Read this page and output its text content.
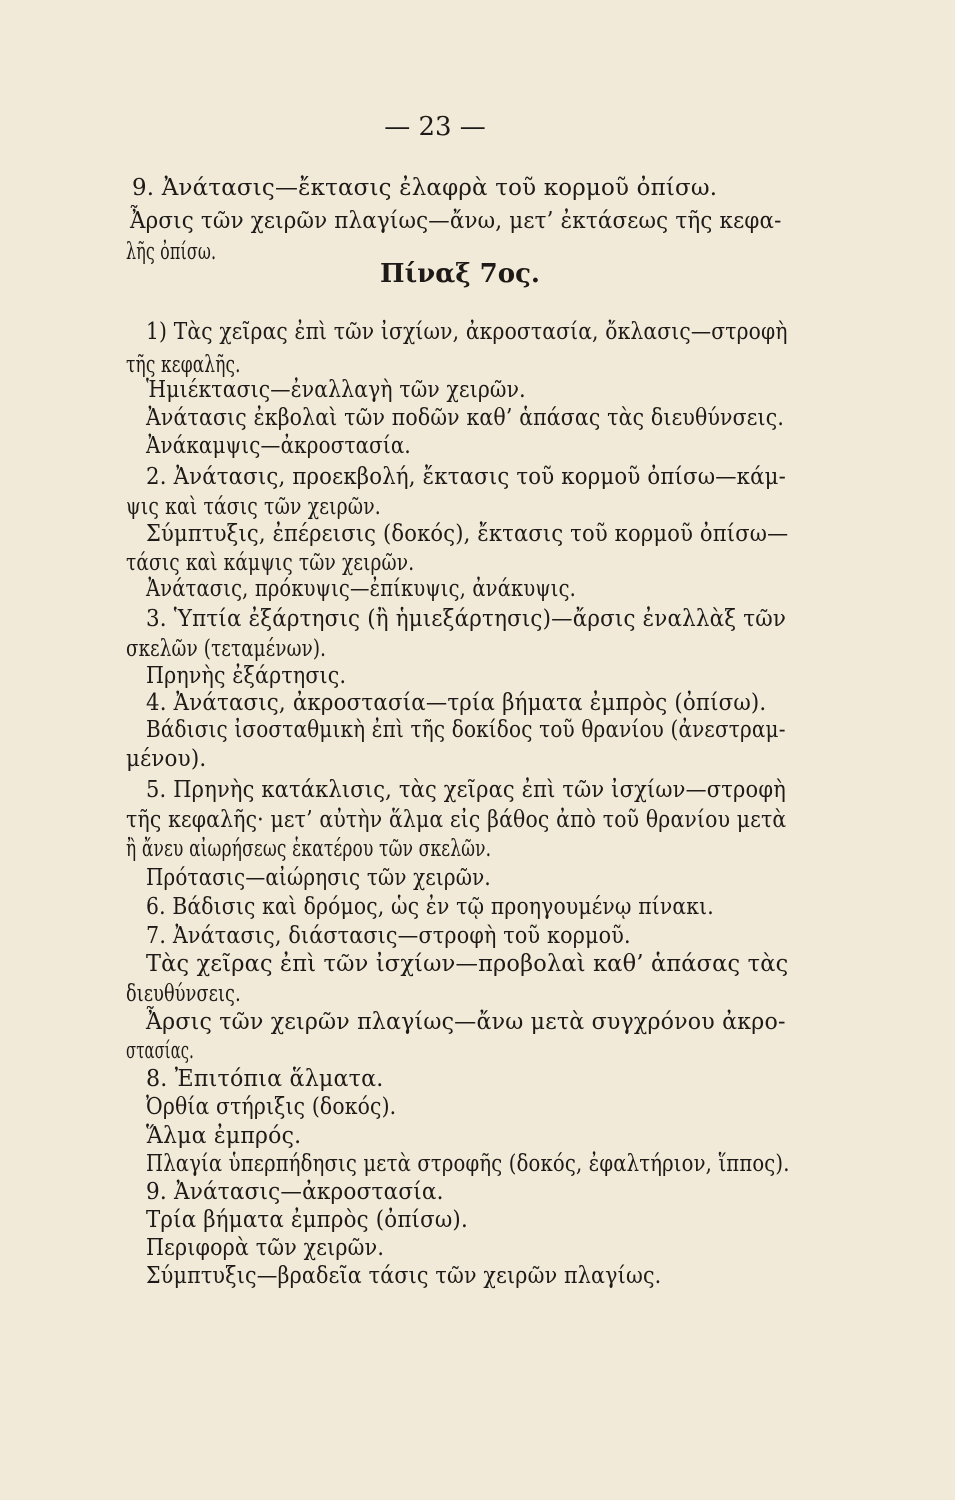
— 23 —
9. Ἀνάτασις—ἔκτασις ἐλαφρὰ τοῦ κορμοῦ ὀπίσω.
Ἆρσις τῶν χειρῶν πλαγίως—ἄνω, μετ’ ἐκτάσεως τῆς κεφα-
λῆς ὀπίσω.
Πίναξ 7ος.
1) Τὰς χεῖρας ἐπὶ τῶν ἰσχίων, ἀκροστασία, ὄκλασις—στροφὴ
τῆς κεφαλῆς.
Ἡμιέκτασις—ἐναλλαγὴ τῶν χειρῶν.
Ἀνάτασις ἐκβολαὶ τῶν ποδῶν καθ’ ἁπάσας τὰς διευθύνσεις.
Ἀνάκαμψις—ἀκροστασία.
2. Ἀνάτασις, προεκβολή, ἔκτασις τοῦ κορμοῦ ὀπίσω—κάμ-
ψις καὶ τάσις τῶν χειρῶν.
Σύμπτυξις, ἐπέρεισις (δοκός), ἔκτασις τοῦ κορμοῦ ὀπίσω—
τάσις καὶ κάμψις τῶν χειρῶν.
Ἀνάτασις, πρόκυψις—ἐπίκυψις, ἀνάκυψις.
3. Ὑπτία ἐξάρτησις (ἢ ἡμιεξάρτησις)—ἄρσις ἐναλλὰξ τῶν
σκελῶν (τεταμένων).
Πρηνὴς ἐξάρτησις.
4. Ἀνάτασις, ἀκροστασία—τρία βήματα ἐμπρὸς (ὀπίσω).
Βάδισις ἰσοσταθμικὴ ἐπὶ τῆς δοκίδος τοῦ θρανίου (ἀνεστραμ-
μένου).
5. Πρηνὴς κατάκλισις, τὰς χεῖρας ἐπὶ τῶν ἰσχίων—στροφὴ
τῆς κεφαλῆς· μετ’ αὐτὴν ἅλμα εἰς βάθος ἀπὸ τοῦ θρανίου μετὰ
ἢ ἄνευ αἰωρήσεως ἑκατέρου τῶν σκελῶν.
Πρότασις—αἰώρησις τῶν χειρῶν.
6. Βάδισις καὶ δρόμος, ὡς ἐν τῷ προηγουμένῳ πίνακι.
7. Ἀνάτασις, διάστασις—στροφὴ τοῦ κορμοῦ.
Τὰς χεῖρας ἐπὶ τῶν ἰσχίων—προβολαὶ καθ’ ἁπάσας τὰς
διευθύνσεις.
Ἆρσις τῶν χειρῶν πλαγίως—ἄνω μετὰ συγχρόνου ἀκρο-
στασίας.
8. Ἐπιτόπια ἅλματα.
Ὀρθία στήριξις (δοκός).
Ἅλμα ἐμπρός.
Πλαγία ὑπερπήδησις μετὰ στροφῆς (δοκός, ἐφαλτήριον, ἵππος).
9. Ἀνάτασις—ἀκροστασία.
Τρία βήματα ἐμπρὸς (ὀπίσω).
Περιφορὰ τῶν χειρῶν.
Σύμπτυξις—βραδεῖα τάσις τῶν χειρῶν πλαγίως.
